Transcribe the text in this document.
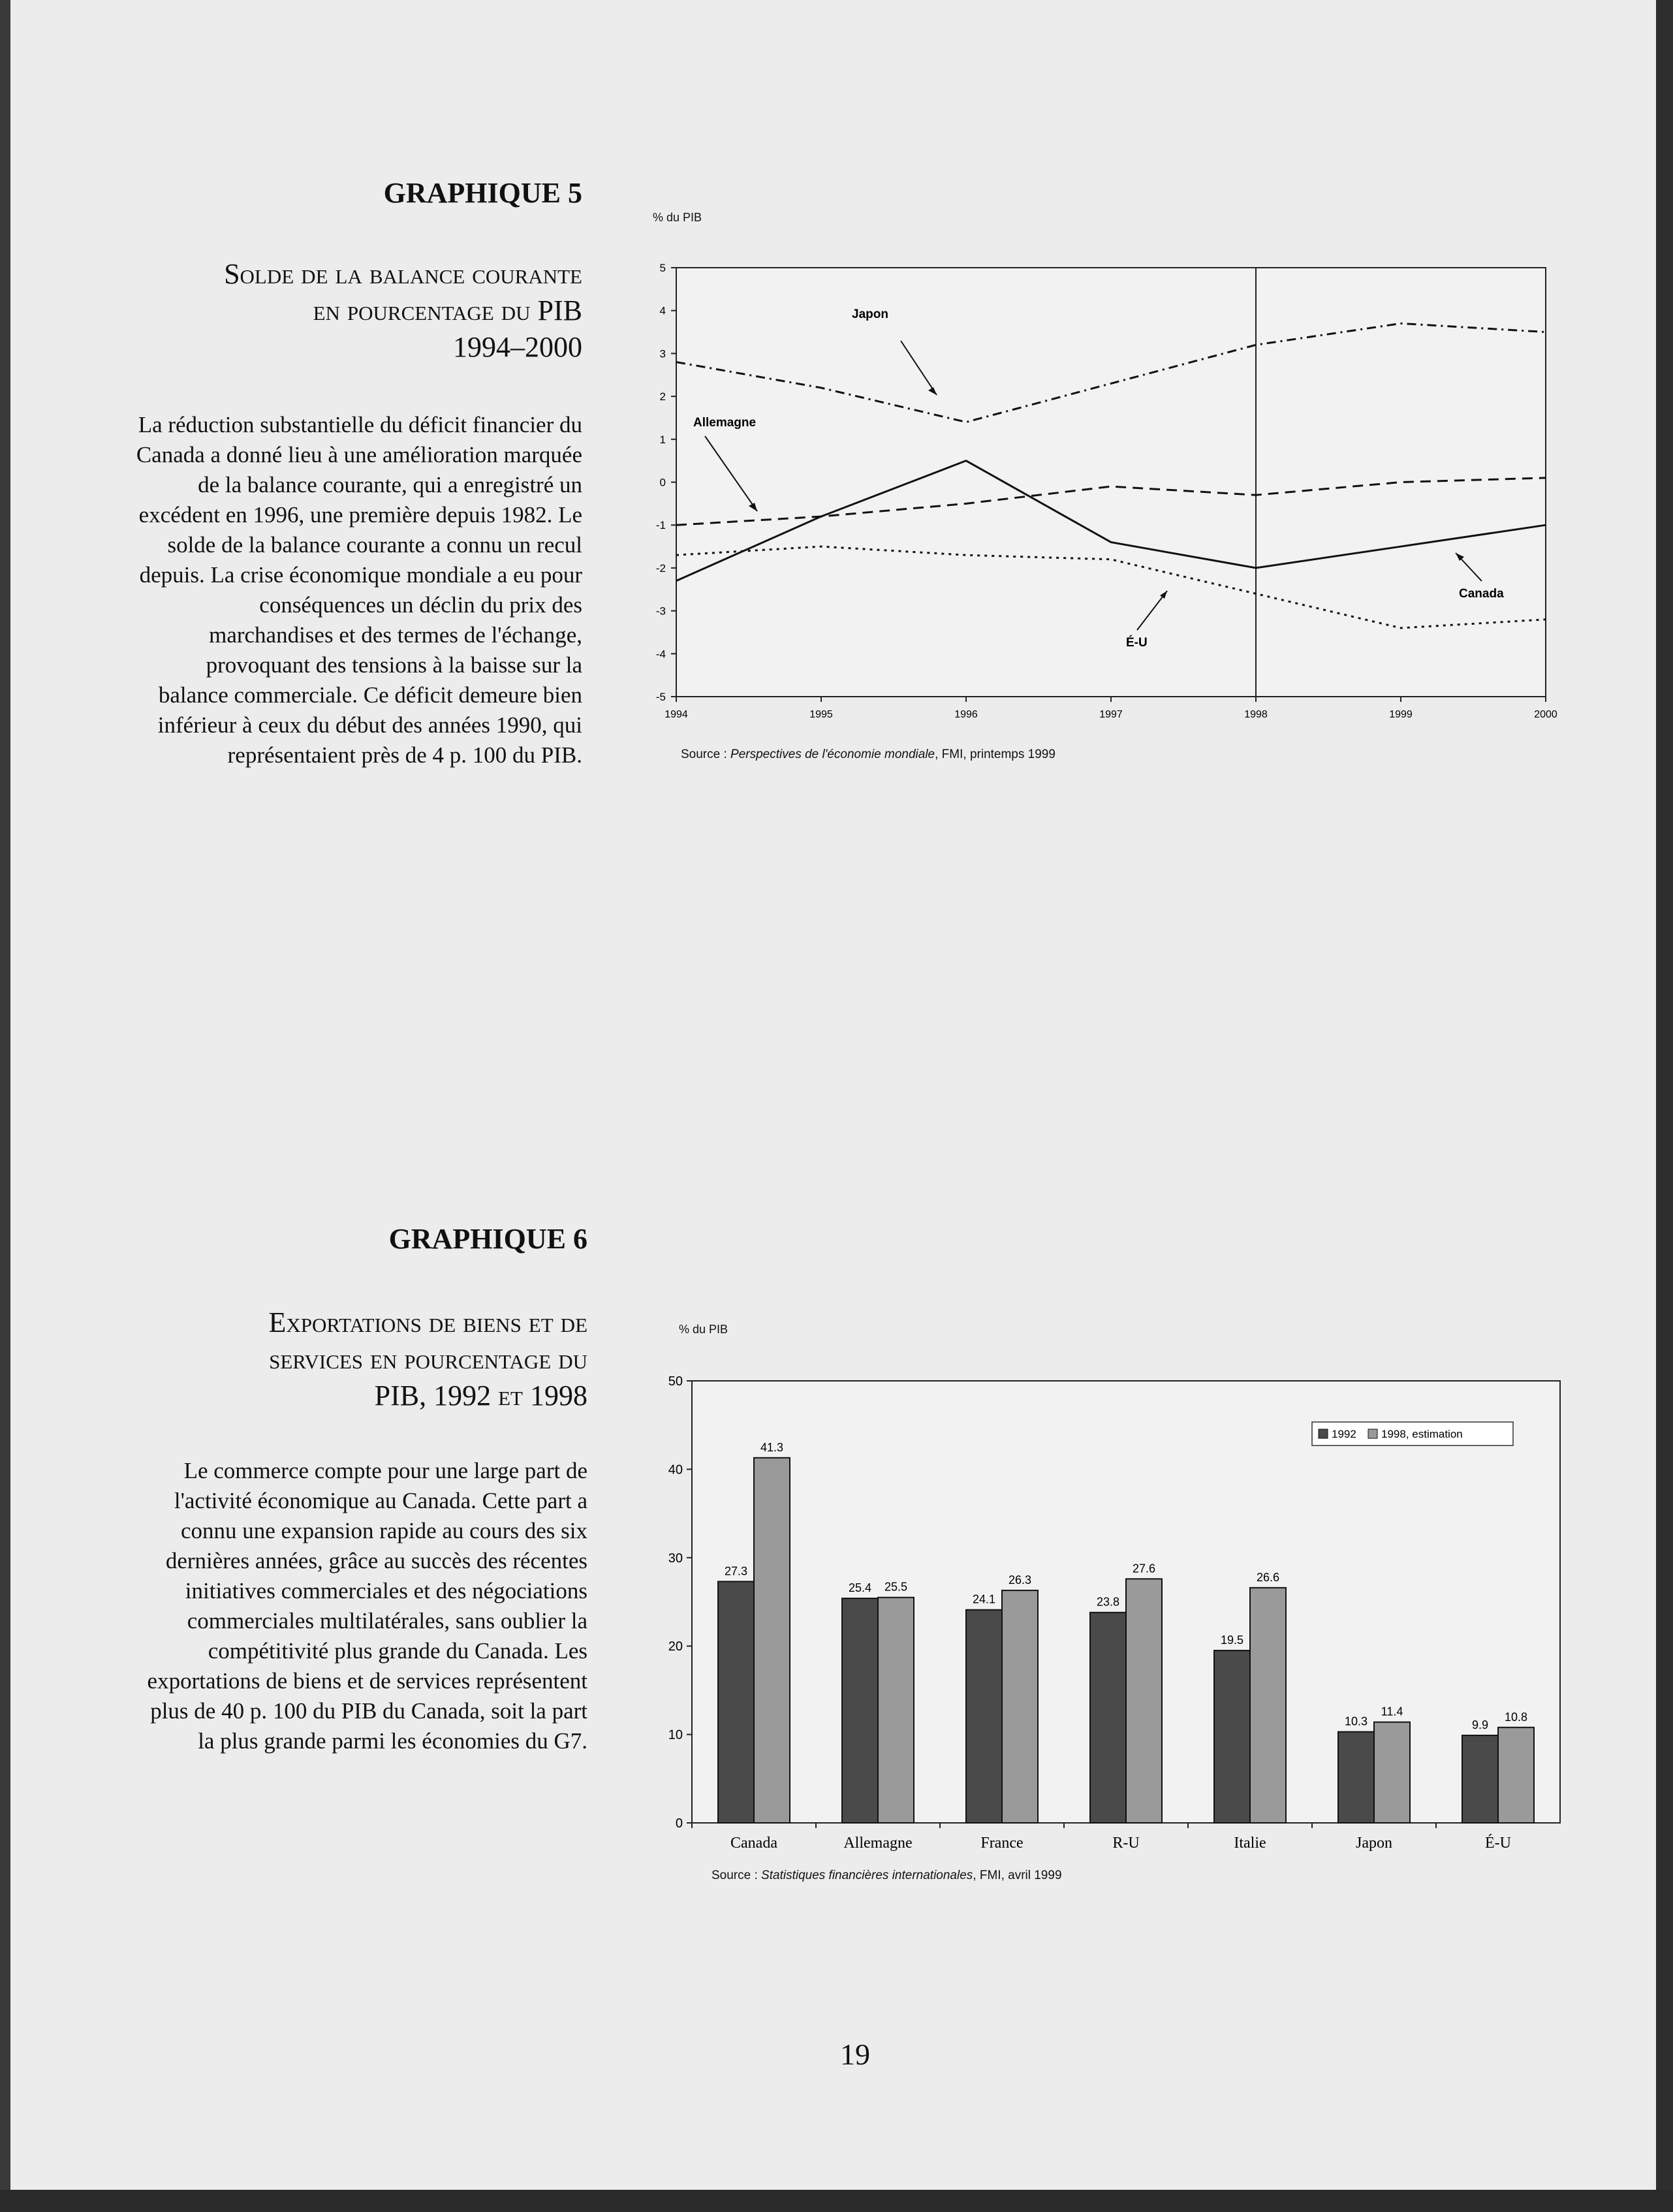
GRAPHIQUE 5
Solde de la balance courante
en pourcentage du PIB
1994–2000
La réduction substantielle du déficit financier du Canada a donné lieu à une amélioration marquée de la balance courante, qui a enregistré un excédent en 1996, une première depuis 1982. Le solde de la balance courante a connu un recul depuis. La crise économique mondiale a eu pour conséquences un déclin du prix des marchandises et des termes de l'échange, provoquant des tensions à la baisse sur la balance commerciale. Ce déficit demeure bien inférieur à ceux du début des années 1990, qui représentaient près de 4 p. 100 du PIB.
% du PIB
5
4
3
2
1
0
-1
-2
-3
-4
-5
1994	1995	1996	1997	1998	1999	2000
Japon
Allemagne
Canada
É-U
Source : Perspectives de l'économie mondiale, FMI, printemps 1999
GRAPHIQUE 6
Exportations de biens et de
services en pourcentage du
PIB, 1992 et 1998
Le commerce compte pour une large part de l'activité économique au Canada. Cette part a connu une expansion rapide au cours des six dernières années, grâce au succès des récentes initiatives commerciales et des négociations commerciales multilatérales, sans oublier la compétitivité plus grande du Canada. Les exportations de biens et de services représentent plus de 40 p. 100 du PIB du Canada, soit la part la plus grande parmi les économies du G7.
% du PIB
50
40
30
20
10
0
27.3
41.3
Canada
25.4 25.5
Allemagne
24.1
26.3
France
23.8
27.6
R-U
19.5
26.6
Italie
10.3
11.4
Japon
9.9
10.8
É-U
1992 1998, estimation
Source : Statistiques financières internationales, FMI, avril 1999
19
